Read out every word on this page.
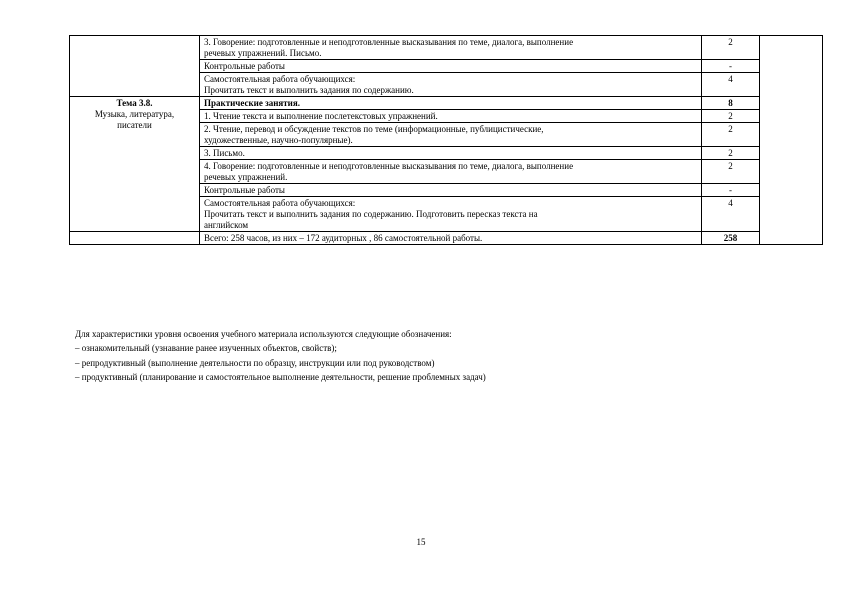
	3. Говорение: подготовленные и неподготовленные высказывания по теме, диалога, выполнение
речевых упражнений. Письмо.	2	

	Контрольные работы	-	

	Самостоятельная работа обучающихся:
Прочитать текст и выполнить задания по содержанию.	4	

Тема 3.8.
Музыка, литература,
писатели	Практические занятия.	8	

	1. Чтение текста и выполнение послетекстовых упражнений.	2	

	2. Чтение, перевод и обсуждение текстов по теме (информационные, публицистические,
художественные, научно-популярные).	2	

	3. Письмо.	2	

	4. Говорение: подготовленные и неподготовленные высказывания по теме, диалога, выполнение
речевых упражнений.	2	

	Контрольные работы	-	

	Самостоятельная работа обучающихся:
Прочитать текст и выполнить задания по содержанию. Подготовить пересказ текста на
английском	4	
	Всего: 258 часов, из них – 172 аудиторных , 86 самостоятельной работы.	258	
Для характеристики уровня освоения учебного материала используются следующие обозначения:
– ознакомительный (узнавание ранее изученных объектов, свойств);
– репродуктивный (выполнение деятельности по образцу, инструкции или под руководством)
– продуктивный (планирование и самостоятельное выполнение деятельности, решение проблемных задач)
15
